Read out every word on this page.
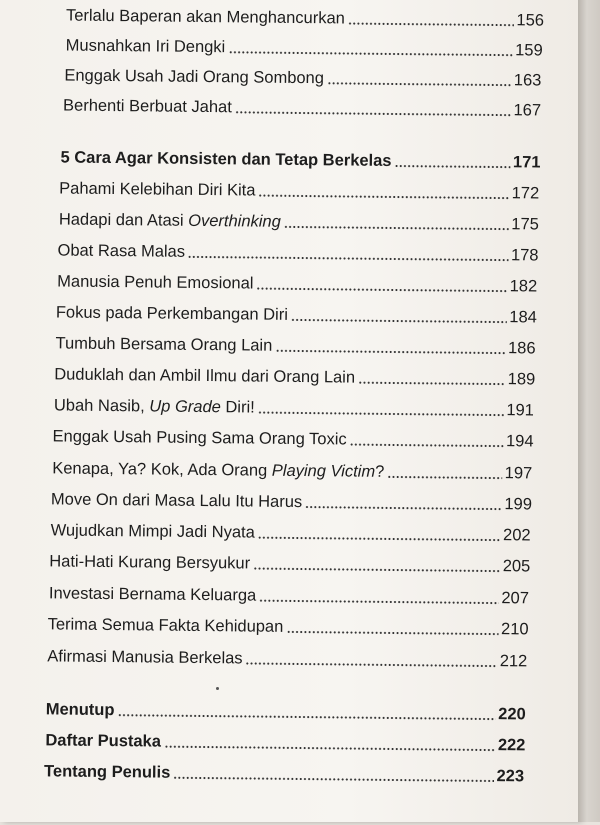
Terlalu Baperan akan Menghancurkan	156
Musnahkan Iri Dengki	159
Enggak Usah Jadi Orang Sombong	163
Berhenti Berbuat Jahat	167
5 Cara Agar Konsisten dan Tetap Berkelas	171
Pahami Kelebihan Diri Kita	172
Hadapi dan Atasi Overthinking	175
Obat Rasa Malas	178
Manusia Penuh Emosional	182
Fokus pada Perkembangan Diri	184
Tumbuh Bersama Orang Lain	186
Duduklah dan Ambil Ilmu dari Orang Lain	189
Ubah Nasib, Up Grade Diri!	191
Enggak Usah Pusing Sama Orang Toxic	194
Kenapa, Ya? Kok, Ada Orang Playing Victim?	197
Move On dari Masa Lalu Itu Harus	199
Wujudkan Mimpi Jadi Nyata	202
Hati-Hati Kurang Bersyukur	205
Investasi Bernama Keluarga	207
Terima Semua Fakta Kehidupan	210
Afirmasi Manusia Berkelas	212
Menutup	220
Daftar Pustaka	222
Tentang Penulis	223
